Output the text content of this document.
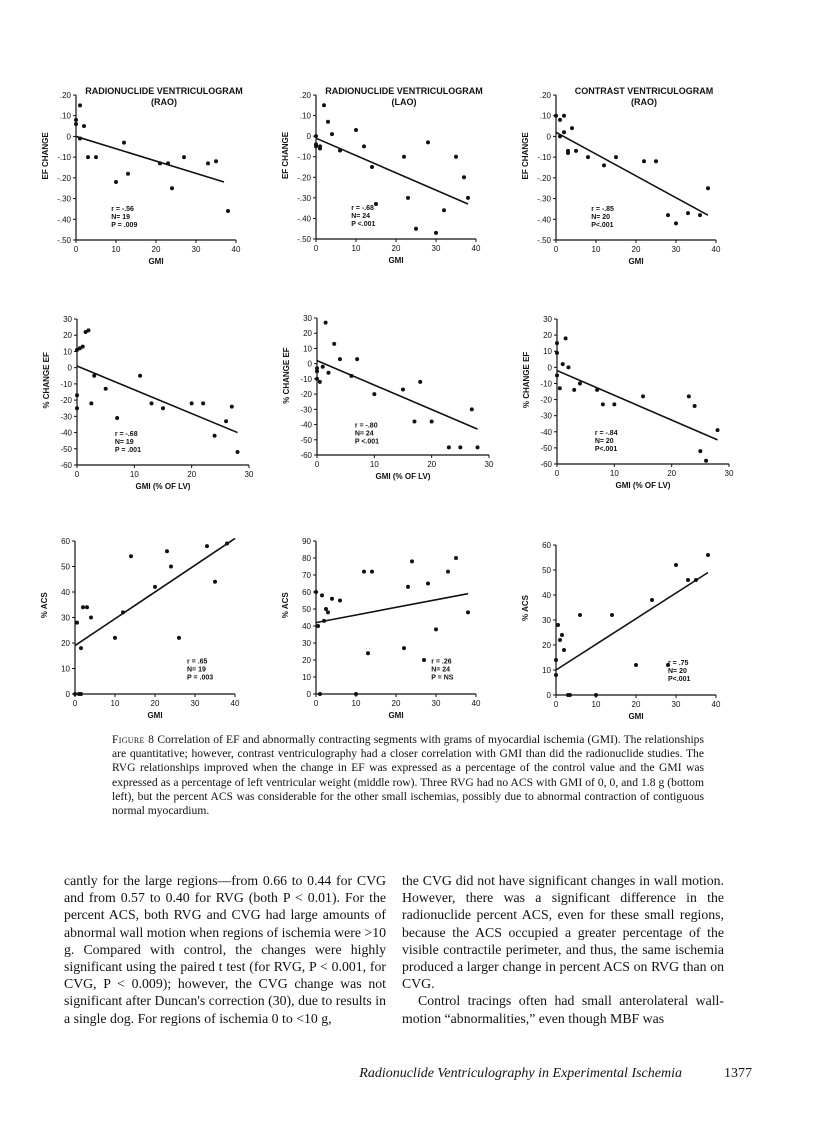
.20
.10
0
-.10
-.20
-.30
-.40
-.50
0	10	20	30	40
GMI
EF CHANGE
RADIONUCLIDE VENTRICULOGRAM
(RAO)
r = -.56
N= 19
P = .009
.20
.10
0
-.10
-.20
-.30
-.40
-.50
0	10	20	30	40
GMI
EF CHANGE
RADIONUCLIDE VENTRICULOGRAM
(LAO)
r = -.68
N= 24
P <.001
.20
.10
0
-.10
-.20
-.30
-.40
-.50
0	10	20	30	40
GMI
EF CHANGE
CONTRAST VENTRICULOGRAM
(RAO)
r = -.85
N= 20
P<.001
30
20
10
0
-10
-20
-30
-40
-50
-60
0	10	20	30
GMI (% OF LV)
% CHANGE EF
r = -.68
N= 19
P = .001
30
20
10
0
-10
-20
-30
-40
-50
-60
0	10	20	30
GMI (% OF LV)
% CHANGE EF
r = -.80
N= 24
P <.001
30
20
10
0
-10
-20
-30
-40
-50
-60
0	10	20	30
GMI (% OF LV)
% CHANGE EF
r = -.84
N= 20
P<.001
60
50
40
30
20
10
0
0	10	20	30	40
GMI
% ACS
r = .65
N= 19
P = .003
90
80
70
60
50
40
30
20
10
0
0	10	20	30	40
GMI
% ACS
r = .26
N= 24
P = NS
60
50
40
30
20
10
0
0	10	20	30	40
GMI
% ACS
r = .75
N= 20
P<.001
Figure 8 Correlation of EF and abnormally contracting segments with grams of myocardial ischemia (GMI). The relationships are quantitative; however, contrast ventriculography had a closer correlation with GMI than did the radionuclide studies. The RVG relationships improved when the change in EF was expressed as a percentage of the control value and the GMI was expressed as a percentage of left ventricular weight (middle row). Three RVG had no ACS with GMI of 0, 0, and 1.8 g (bottom left), but the percent ACS was considerable for the other small ischemias, possibly due to abnormal contraction of contiguous normal myocardium.

cantly for the large regions—from 0.66 to 0.44 for CVG and from 0.57 to 0.40 for RVG (both P < 0.01). For the percent ACS, both RVG and CVG had large amounts of abnormal wall motion when regions of ischemia were >10 g. Compared with control, the changes were highly significant using the paired t test (for RVG, P < 0.001, for CVG, P < 0.009); however, the CVG change was not significant after Duncan's correction (30), due to results in a single dog. For regions of ischemia 0 to <10 g,

the CVG did not have significant changes in wall motion. However, there was a significant difference in the radionuclide percent ACS, even for these small regions, because the ACS occupied a greater percentage of the visible contractile perimeter, and thus, the same ischemia produced a larger change in percent ACS on RVG than on CVG.

Control tracings often had small anterolateral wall-motion “abnormalities,” even though MBF was

Radionuclide Ventriculography in Experimental Ischemia	1377
